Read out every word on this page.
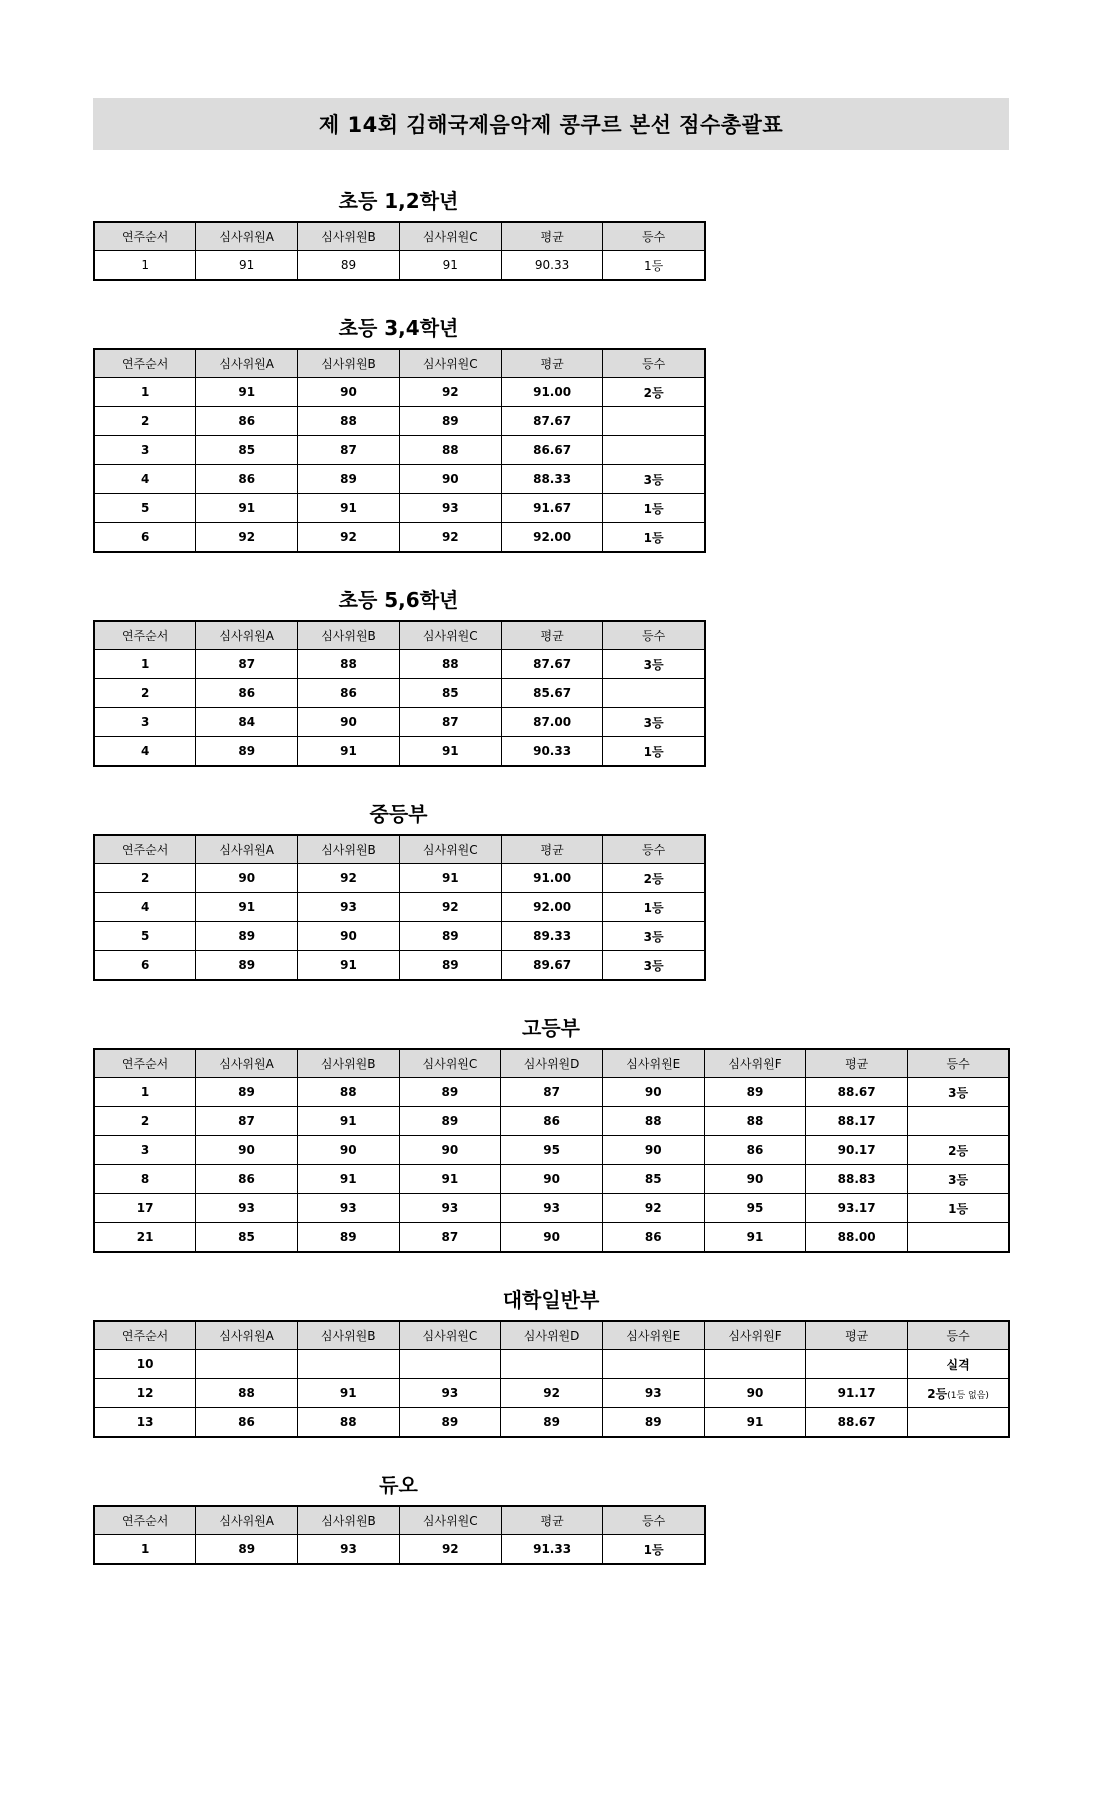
제 14회 김해국제음악제 콩쿠르 본선 점수총괄표
초등 1,2학년
연주순서	심사위원A	심사위원B	심사위원C	평균	등수
1	91	89	91	90.33	1등
초등 3,4학년
연주순서	심사위원A	심사위원B	심사위원C	평균	등수
1	91	90	92	91.00	2등
2	86	88	89	87.67	
3	85	87	88	86.67	
4	86	89	90	88.33	3등
5	91	91	93	91.67	1등
6	92	92	92	92.00	1등
초등 5,6학년
연주순서	심사위원A	심사위원B	심사위원C	평균	등수
1	87	88	88	87.67	3등
2	86	86	85	85.67	
3	84	90	87	87.00	3등
4	89	91	91	90.33	1등
중등부
연주순서	심사위원A	심사위원B	심사위원C	평균	등수
2	90	92	91	91.00	2등
4	91	93	92	92.00	1등
5	89	90	89	89.33	3등
6	89	91	89	89.67	3등
고등부
연주순서	심사위원A	심사위원B	심사위원C	심사위원D	심사위원E	심사위원F	평균	등수
1	89	88	89	87	90	89	88.67	3등
2	87	91	89	86	88	88	88.17	
3	90	90	90	95	90	86	90.17	2등
8	86	91	91	90	85	90	88.83	3등
17	93	93	93	93	92	95	93.17	1등
21	85	89	87	90	86	91	88.00	
대학일반부
연주순서	심사위원A	심사위원B	심사위원C	심사위원D	심사위원E	심사위원F	평균	등수
10								실격
12	88	91	93	92	93	90	91.17	2등(1등 없음)
13	86	88	89	89	89	91	88.67	
듀오
연주순서	심사위원A	심사위원B	심사위원C	평균	등수
1	89	93	92	91.33	1등
